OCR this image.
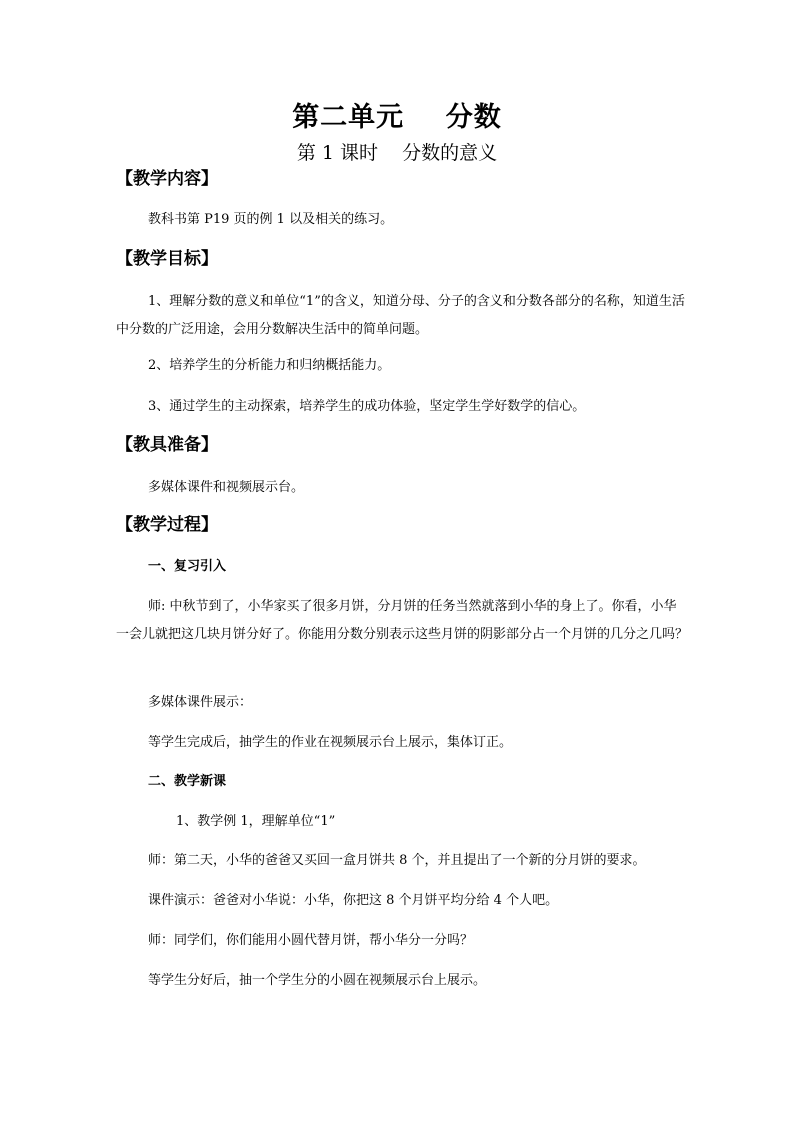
第二单元    分数
第 1 课时    分数的意义
【教学内容】
教科书第 P19 页的例 1 以及相关的练习。
【教学目标】
1、理解分数的意义和单位“1”的含义，知道分母、分子的含义和分数各部分的名称，知道生活中分数的广泛用途，会用分数解决生活中的简单问题。
2、培养学生的分析能力和归纳概括能力。
3、通过学生的主动探索，培养学生的成功体验，坚定学生学好数学的信心。
【教具准备】
多媒体课件和视频展示台。
【教学过程】
一、复习引入
师: 中秋节到了，小华家买了很多月饼，分月饼的任务当然就落到小华的身上了。你看，小华一会儿就把这几块月饼分好了。你能用分数分别表示这些月饼的阴影部分占一个月饼的几分之几吗？
多媒体课件展示：
等学生完成后，抽学生的作业在视频展示台上展示，集体订正。
二、教学新课
1、教学例 1，理解单位“1”
师：第二天，小华的爸爸又买回一盒月饼共 8 个，并且提出了一个新的分月饼的要求。
课件演示：爸爸对小华说：小华，你把这 8 个月饼平均分给 4 个人吧。
师：同学们，你们能用小圆代替月饼，帮小华分一分吗？
等学生分好后，抽一个学生分的小圆在视频展示台上展示。
